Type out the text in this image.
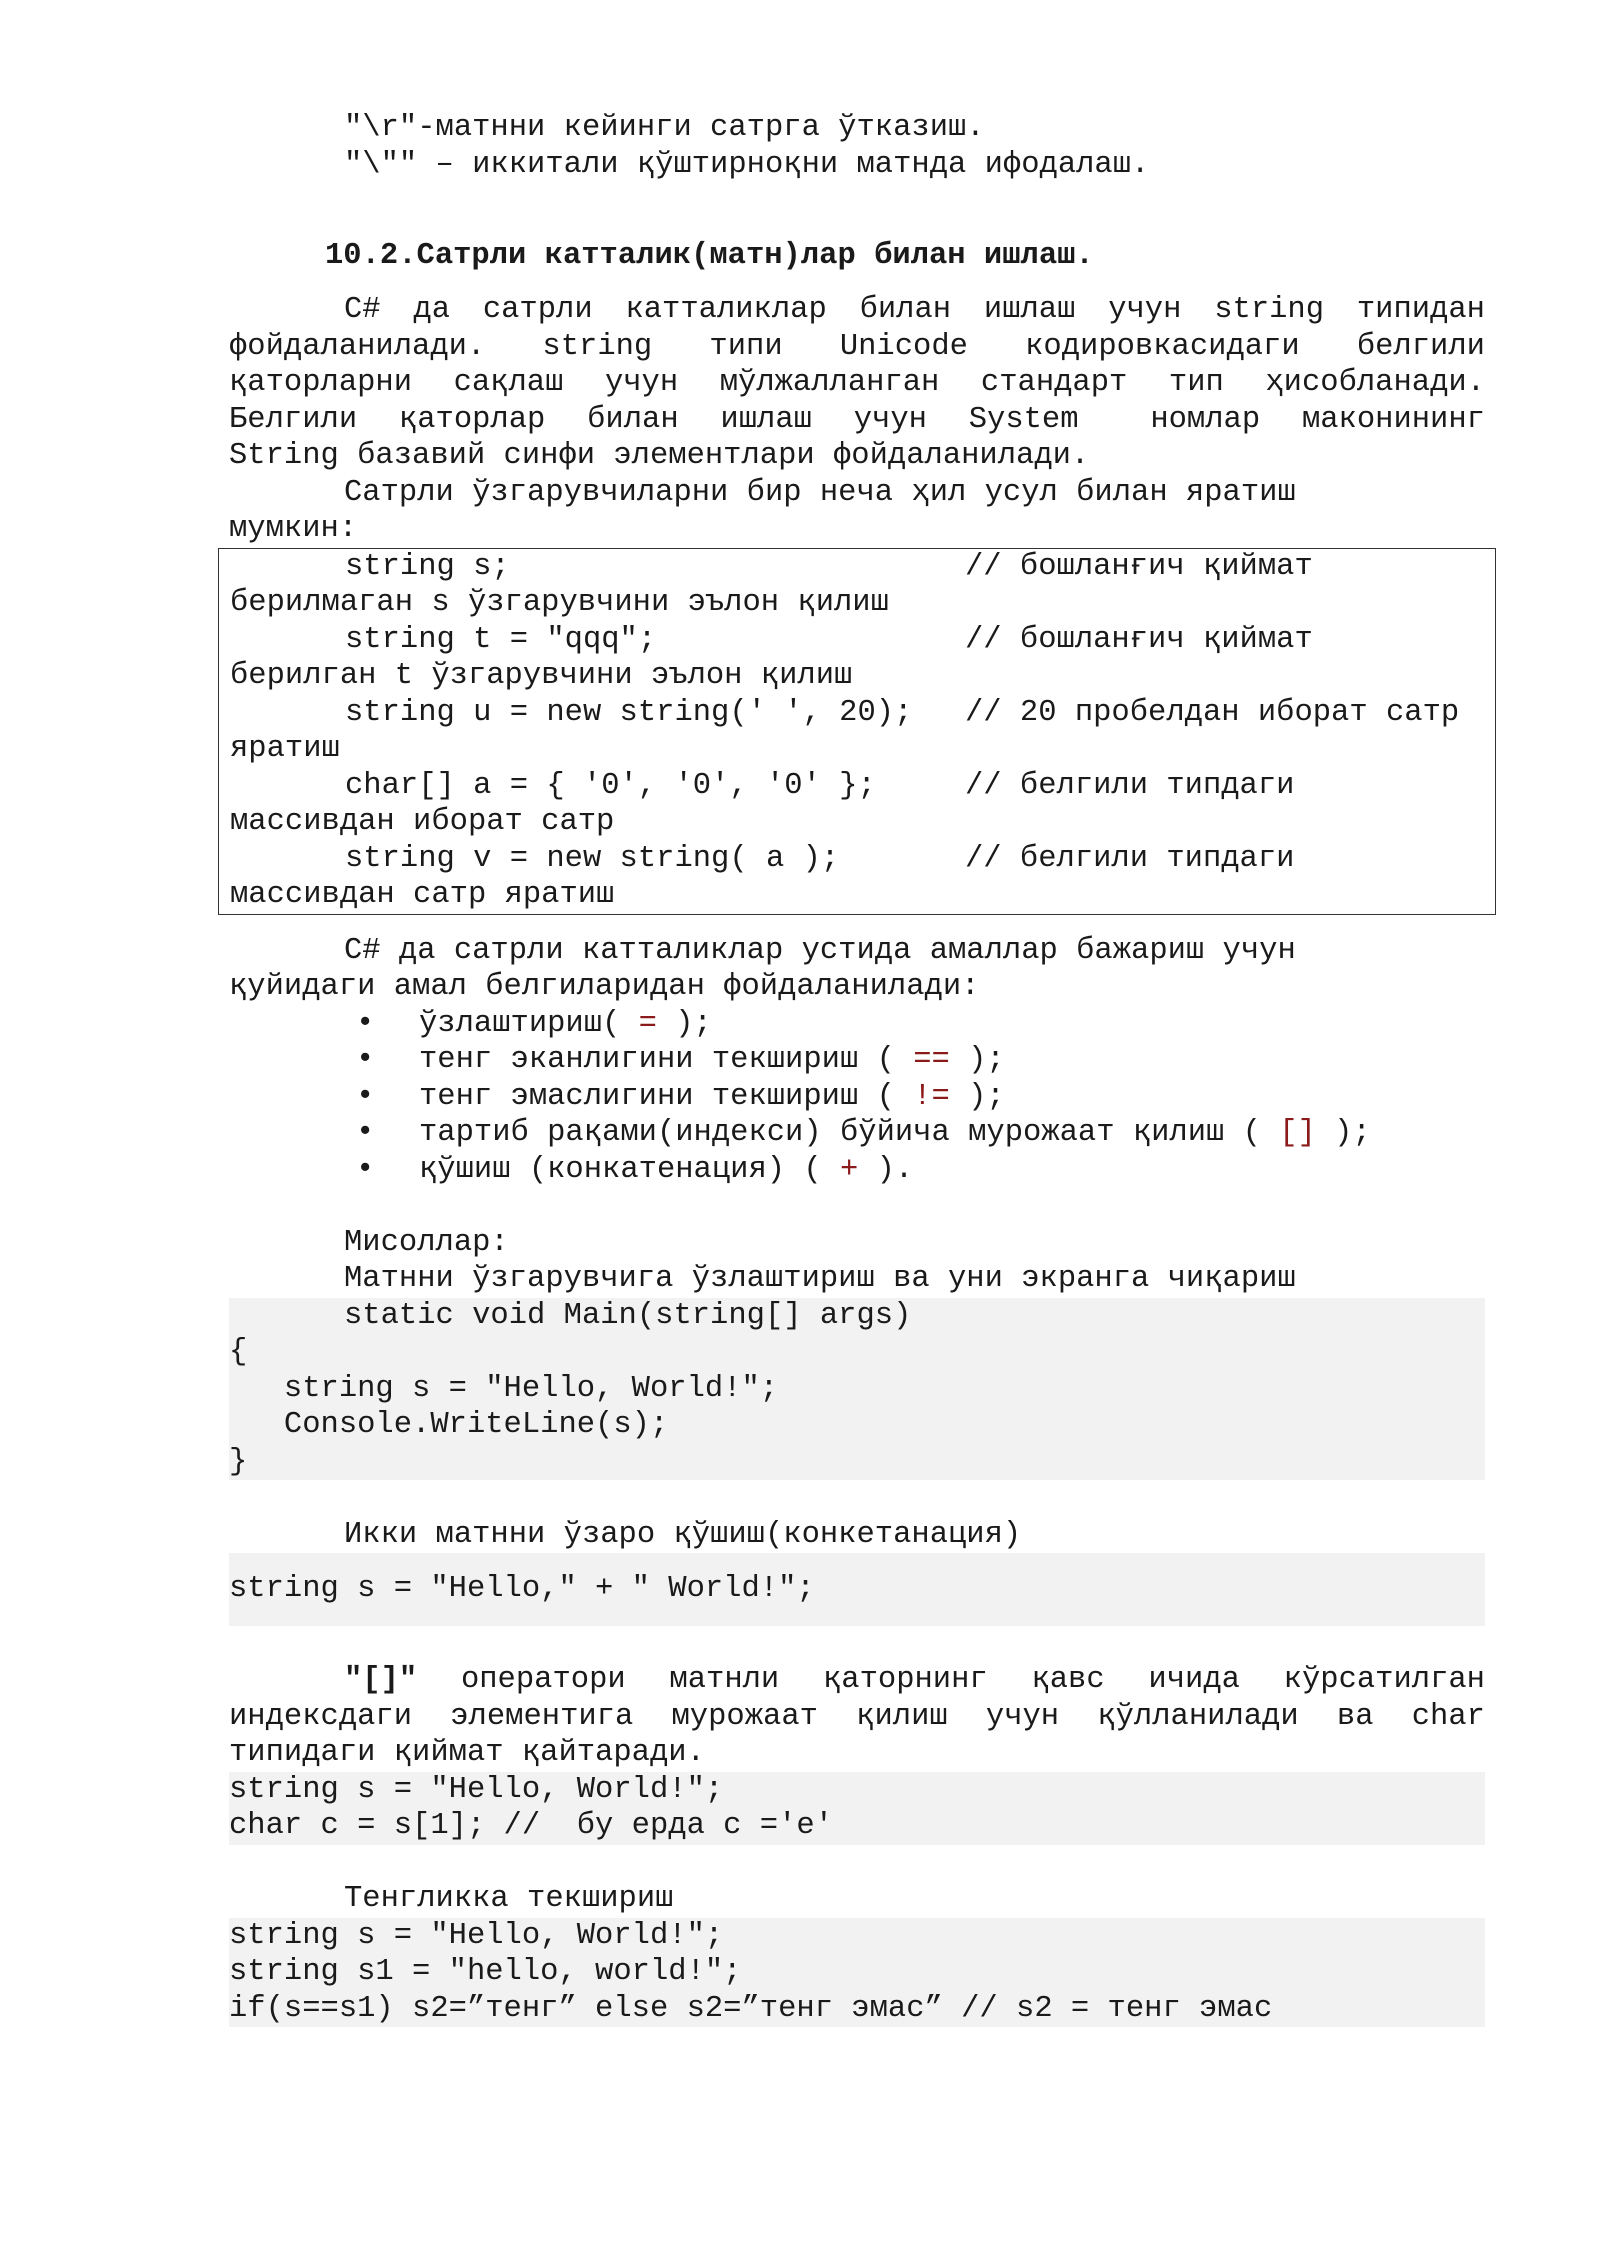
"\r"-матнни кейинги сатрга ўтказиш.
"\"" – иккитали қўштирноқни матнда ифодалаш.
10.2.Сатрли катталик(матн)лар билан ишлаш.
C# да сатрли катталиклар билан ишлаш учун string типидан
фойдаланилади. string типи Unicode кодировкасидаги белгили
қаторларни сақлаш учун мўлжалланган стандарт тип ҳисобланади.
Белгили қаторлар билан ишлаш учун System номлар маконининг
String базавий синфи элементлари фойдаланилади.
Сатрли ўзгарувчиларни бир неча ҳил усул билан яратиш
мумкин:
string s;	// бошланғич қиймат
берилмаган s ўзгарувчини эълон қилиш
string t = "qqq";	// бошланғич қиймат
берилган t ўзгарувчини эълон қилиш
string u = new string(' ', 20);	// 20 пробелдан иборат сатр
яратиш
char[] a = { '0', '0', '0' };	// белгили типдаги
массивдан иборат сатр
string v = new string( a );	// белгили типдаги
массивдан сатр яратиш
C# да сатрли катталиклар устида амаллар бажариш учун
қуйидаги амал белгиларидан фойдаланилади:
• ўзлаштириш( = );
• тенг эканлигини текшириш ( == );
• тенг эмаслигини текшириш ( != );
• тартиб рақами(индекси) бўйича мурожаат қилиш ( [] );
• қўшиш (конкатенация) ( + ).
Мисоллар:
Матнни ўзгарувчига ўзлаштириш ва уни экранга чиқариш
static void Main(string[] args)
{
string s = "Hello, World!";
Console.WriteLine(s);
}
Икки матнни ўзаро қўшиш(конкетанация)
string s = "Hello," + " World!";
"[]" оператори матнли қаторнинг қавс ичида кўрсатилган
индексдаги элементига мурожаат қилиш учун қўлланилади ва char
типидаги қиймат қайтаради.
string s = "Hello, World!";
char c = s[1]; //  бу ерда c ='e'
Тенгликка текшириш
string s = "Hello, World!";
string s1 = "hello, world!";
if(s==s1) s2=”тенг” else s2=”тенг эмас” // s2 = тенг эмас
